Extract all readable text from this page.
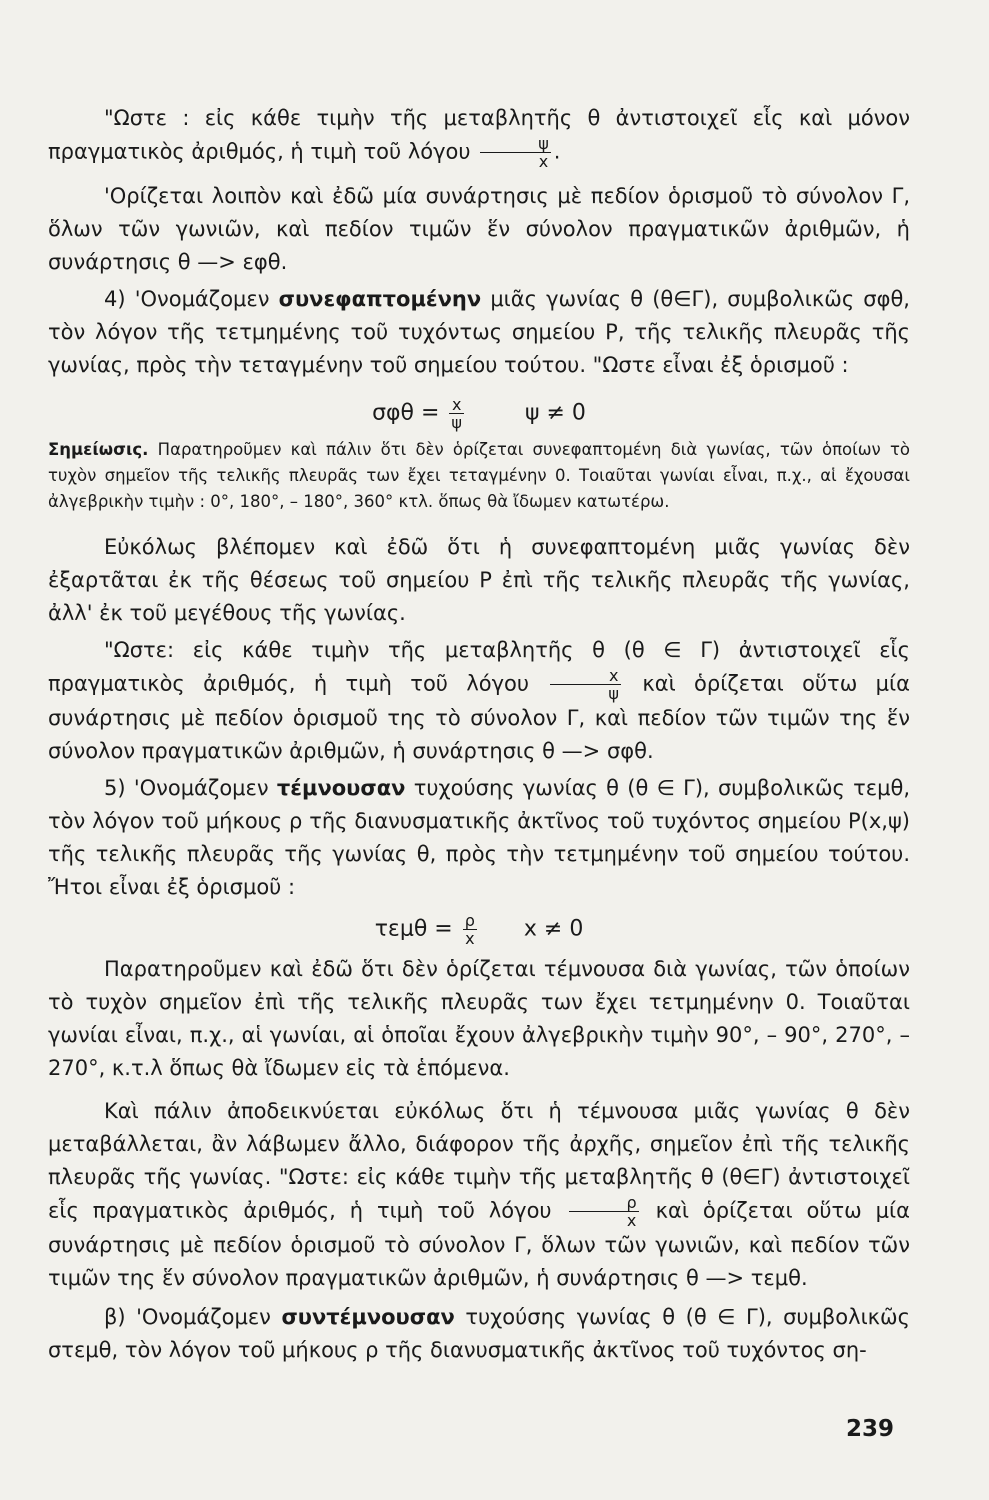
"Ωστε : εἰς κάθε τιμὴν τῆς μεταβλητῆς θ ἀντιστοιχεῖ εἷς καὶ μόνον πραγματικὸς ἀριθμός, ἡ τιμὴ τοῦ λόγου $\frac{\psi}{x}$ .

'Ορίζεται λοιπὸν καὶ ἐδῶ μία συνάρτησις μὲ πεδίον ὁρισμοῦ τὸ σύνολον Γ, ὅλων τῶν γωνιῶν, καὶ πεδίον τιμῶν ἕν σύνολον πραγματικῶν ἀριθμῶν, ἡ συνάρτησις θ —> εφθ.

4) 'Ονομάζομεν συνεφαπτομένην μιᾶς γωνίας θ (θ∈Γ), συμβολικῶς σφθ, τὸν λόγον τῆς τετμημένης τοῦ τυχόντως σημείου Ρ, τῆς τελικῆς πλευρᾶς τῆς γωνίας, πρὸς τὴν τεταγμένην τοῦ σημείου τούτου. "Ωστε εἶναι ἐξ ὁρισμοῦ :

$\sigma\varphi\theta = \frac{x}{\psi}$	ψ ≠ 0

Σημείωσις. Παρατηροῦμεν καὶ πάλιν ὅτι δὲν ὁρίζεται συνεφαπτομένη διὰ γωνίας, τῶν ὁποίων τὸ τυχὸν σημεῖον τῆς τελικῆς πλευρᾶς των ἔχει τεταγμένην 0. Τοιαῦται γωνίαι εἶναι, π.χ., αἱ ἔχουσαι ἀλγεβρικὴν τιμὴν : 0°, 180°, – 180°, 360° κτλ. ὅπως θὰ ἴδωμεν κατωτέρω.

Εὐκόλως βλέπομεν καὶ ἐδῶ ὅτι ἡ συνεφαπτομένη μιᾶς γωνίας δὲν ἐξαρτᾶται ἐκ τῆς θέσεως τοῦ σημείου Ρ ἐπὶ τῆς τελικῆς πλευρᾶς τῆς γωνίας, ἀλλ' ἐκ τοῦ μεγέθους τῆς γωνίας.

"Ωστε: εἰς κάθε τιμὴν τῆς μεταβλητῆς θ (θ ∈ Γ) ἀντιστοιχεῖ εἷς πραγματικὸς ἀριθμός, ἡ τιμὴ τοῦ λόγου $\frac{x}{\psi}$ καὶ ὁρίζεται οὕτω μία συνάρτησις μὲ πεδίον ὁρισμοῦ της τὸ σύνολον Γ, καὶ πεδίον τῶν τιμῶν της ἕν σύνολον πραγματικῶν ἀριθμῶν, ἡ συνάρτησις θ —> σφθ.

5) 'Ονομάζομεν τέμνουσαν τυχούσης γωνίας θ (θ ∈ Γ), συμβολικῶς τεμθ, τὸν λόγον τοῦ μήκους ρ τῆς διανυσματικῆς ἀκτῖνος τοῦ τυχόντος σημείου Ρ(x,ψ) τῆς τελικῆς πλευρᾶς τῆς γωνίας θ, πρὸς τὴν τετμημένην τοῦ σημείου τούτου. Ἤτοι εἶναι ἐξ ὁρισμοῦ :

$\tau\varepsilon\mu\theta = \frac{\rho}{x}$ x ≠ 0

Παρατηροῦμεν καὶ ἐδῶ ὅτι δὲν ὁρίζεται τέμνουσα διὰ γωνίας, τῶν ὁποίων τὸ τυχὸν σημεῖον ἐπὶ τῆς τελικῆς πλευρᾶς των ἔχει τετμημένην 0. Τοιαῦται γωνίαι εἶναι, π.χ., αἱ γωνίαι, αἱ ὁποῖαι ἔχουν ἀλγεβρικὴν τιμὴν 90°, – 90°, 270°, – 270°, κ.τ.λ ὅπως θὰ ἴδωμεν εἰς τὰ ἑπόμενα.

Καὶ πάλιν ἀποδεικνύεται εὐκόλως ὅτι ἡ τέμνουσα μιᾶς γωνίας θ δὲν μεταβάλλεται, ἂν λάβωμεν ἄλλο, διάφορον τῆς ἀρχῆς, σημεῖον ἐπὶ τῆς τελικῆς πλευρᾶς τῆς γωνίας. "Ωστε: εἰς κάθε τιμὴν τῆς μεταβλητῆς θ (θ∈Γ) ἀντιστοιχεῖ εἷς πραγματικὸς ἀριθμός, ἡ τιμὴ τοῦ λόγου $\frac{\rho}{x}$ καὶ ὁρίζεται οὕτω μία συνάρτησις μὲ πεδίον ὁρισμοῦ τὸ σύνολον Γ, ὅλων τῶν γωνιῶν, καὶ πεδίον τῶν τιμῶν της ἕν σύνολον πραγματικῶν ἀριθμῶν, ἡ συνάρτησις θ —> τεμθ.

β) 'Ονομάζομεν συντέμνουσαν τυχούσης γωνίας θ (θ ∈ Γ), συμβολικῶς στεμθ, τὸν λόγον τοῦ μήκους ρ τῆς διανυσματικῆς ἀκτῖνος τοῦ τυχόντος ση-

239
